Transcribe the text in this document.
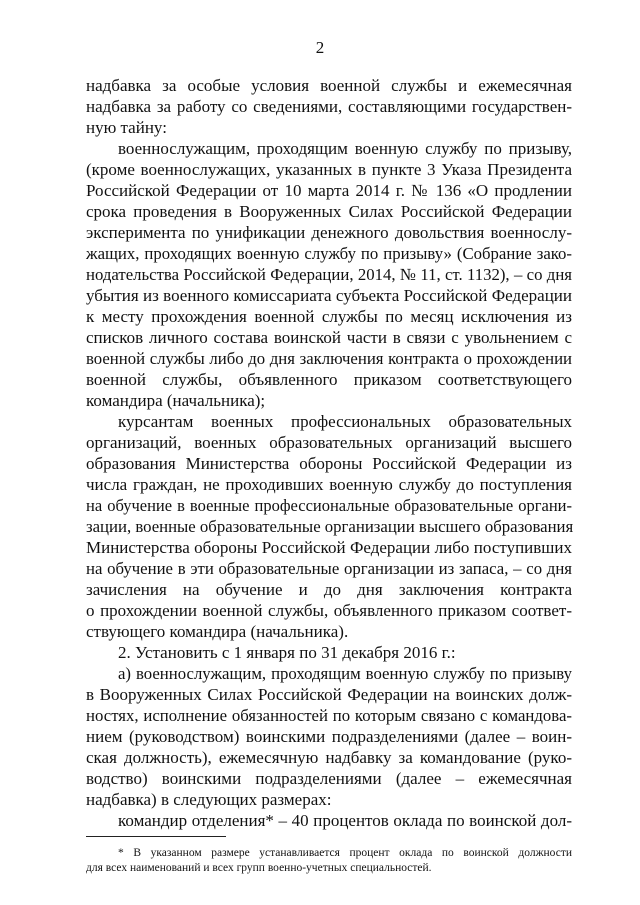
2

надбавка за особые условия военной службы и ежемесячная

надбавка за работу со сведениями, составляющими государствен-

ную тайну:

военнослужащим, проходящим военную службу по призыву,

(кроме военнослужащих, указанных в пункте 3 Указа Президента

Российской Федерации от 10 марта 2014 г. № 136 «О продлении

срока проведения в Вооруженных Силах Российской Федерации

эксперимента по унификации денежного довольствия военнослу-

жащих, проходящих военную службу по призыву» (Собрание зако-

нодательства Российской Федерации, 2014, № 11, ст. 1132), – со дня

убытия из военного комиссариата субъекта Российской Федерации

к месту прохождения военной службы по месяц исключения из

списков личного состава воинской части в связи с увольнением с

военной службы либо до дня заключения контракта о прохождении

военной службы, объявленного приказом соответствующего

командира (начальника);

курсантам военных профессиональных образовательных

организаций, военных образовательных организаций высшего

образования Министерства обороны Российской Федерации из

числа граждан, не проходивших военную службу до поступления

на обучение в военные профессиональные образовательные органи-

зации, военные образовательные организации высшего образования

Министерства обороны Российской Федерации либо поступивших

на обучение в эти образовательные организации из запаса, – со дня

зачисления на обучение и до дня заключения контракта

о прохождении военной службы, объявленного приказом соответ-

ствующего командира (начальника).

2. Установить с 1 января по 31 декабря 2016 г.:

а) военнослужащим, проходящим военную службу по призыву

в Вооруженных Силах Российской Федерации на воинских долж-

ностях, исполнение обязанностей по которым связано с командова-

нием (руководством) воинскими подразделениями (далее – воин-

ская должность), ежемесячную надбавку за командование (руко-

водство) воинскими подразделениями (далее – ежемесячная

надбавка) в следующих размерах:

командир отделения* – 40 процентов оклада по воинской дол-

* В указанном размере устанавливается процент оклада по воинской должности

для всех наименований и всех групп военно-учетных специальностей.
